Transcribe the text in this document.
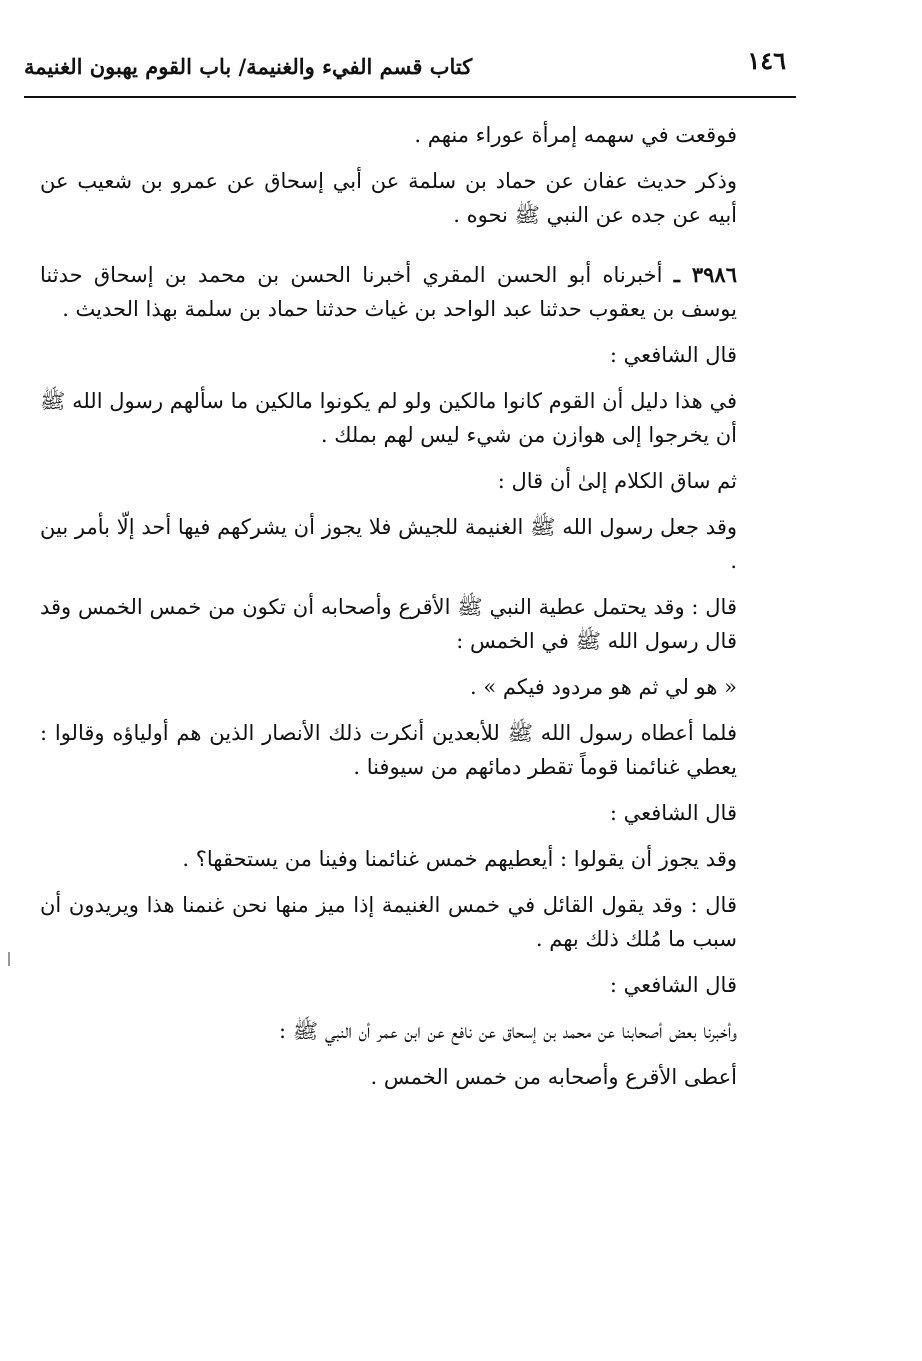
١٤٦
كتاب قسم الفيء والغنيمة/ باب القوم يهبون الغنيمة

فوقعت في سهمه إمرأة عوراء منهم .

وذكر حديث عفان عن حماد بن سلمة عن أبي إسحاق عن عمرو بن شعيب عن أبيه عن جده عن النبي ﷺ نحوه .

٣٩٨٦ ـ أخبرناه أبو الحسن المقري أخبرنا الحسن بن محمد بن إسحاق حدثنا يوسف بن يعقوب حدثنا عبد الواحد بن غياث حدثنا حماد بن سلمة بهذا الحديث .

قال الشافعي :

في هذا دليل أن القوم كانوا مالكين ولو لم يكونوا مالكين ما سألهم رسول الله ﷺ أن يخرجوا إلى هوازن من شيء ليس لهم بملك .

ثم ساق الكلام إلىٰ أن قال :

وقد جعل رسول الله ﷺ الغنيمة للجيش فلا يجوز أن يشركهم فيها أحد إلّا بأمر بين .

قال : وقد يحتمل عطية النبي ﷺ الأقرع وأصحابه أن تكون من خمس الخمس وقد قال رسول الله ﷺ في الخمس :

« هو لي ثم هو مردود فيكم » .

فلما أعطاه رسول الله ﷺ للأبعدين أنكرت ذلك الأنصار الذين هم أولياؤه وقالوا : يعطي غنائمنا قوماً تقطر دمائهم من سيوفنا .

قال الشافعي :

وقد يجوز أن يقولوا : أيعطيهم خمس غنائمنا وفينا من يستحقها؟ .

قال : وقد يقول القائل في خمس الغنيمة إذا ميز منها نحن غنمنا هذا ويريدون أن سبب ما مُلك ذلك بهم .

قال الشافعي :

وأخبرنا بعض أصحابنا عن محمد بن إسحاق عن نافع عن ابن عمر أن النبي ﷺ :

أعطى الأقرع وأصحابه من خمس الخمس .
